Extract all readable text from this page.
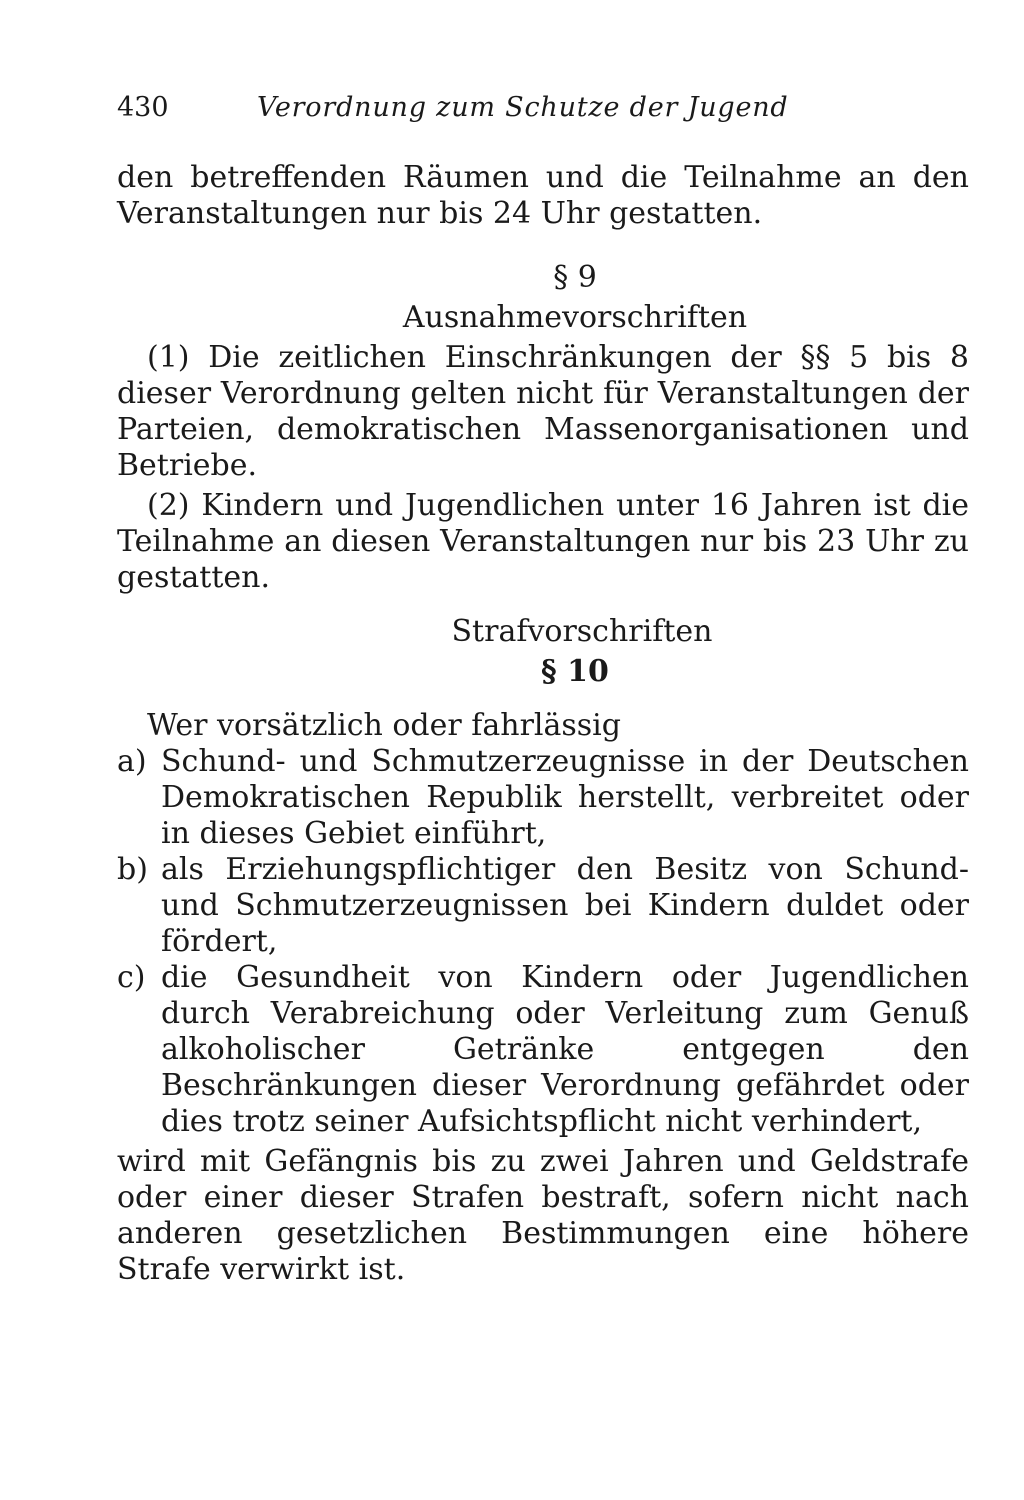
430	Verordnung zum Schutze der Jugend

den betreffenden Räumen und die Teilnahme an den Veranstaltungen nur bis 24 Uhr gestatten.

§ 9

Ausnahmevorschriften

(1) Die zeitlichen Einschränkungen der §§ 5 bis 8 dieser Verordnung gelten nicht für Veranstaltungen der Parteien, demokratischen Massenorganisationen und Betriebe.

(2) Kindern und Jugendlichen unter 16 Jahren ist die Teilnahme an diesen Veranstaltungen nur bis 23 Uhr zu gestatten.

Strafvorschriften

§ 10

Wer vorsätzlich oder fahrlässig

a) Schund- und Schmutzerzeugnisse in der Deutschen Demokratischen Republik herstellt, verbreitet oder in dieses Gebiet einführt,
b) als Erziehungspflichtiger den Besitz von Schund- und Schmutzerzeugnissen bei Kindern duldet oder fördert,
c) die Gesundheit von Kindern oder Jugendlichen durch Verabreichung oder Verleitung zum Genuß alkoholischer Getränke entgegen den Beschränkungen dieser Verordnung gefährdet oder dies trotz seiner Aufsichtspflicht nicht verhindert,

wird mit Gefängnis bis zu zwei Jahren und Geldstrafe oder einer dieser Strafen bestraft, sofern nicht nach anderen gesetzlichen Bestimmungen eine höhere Strafe verwirkt ist.
